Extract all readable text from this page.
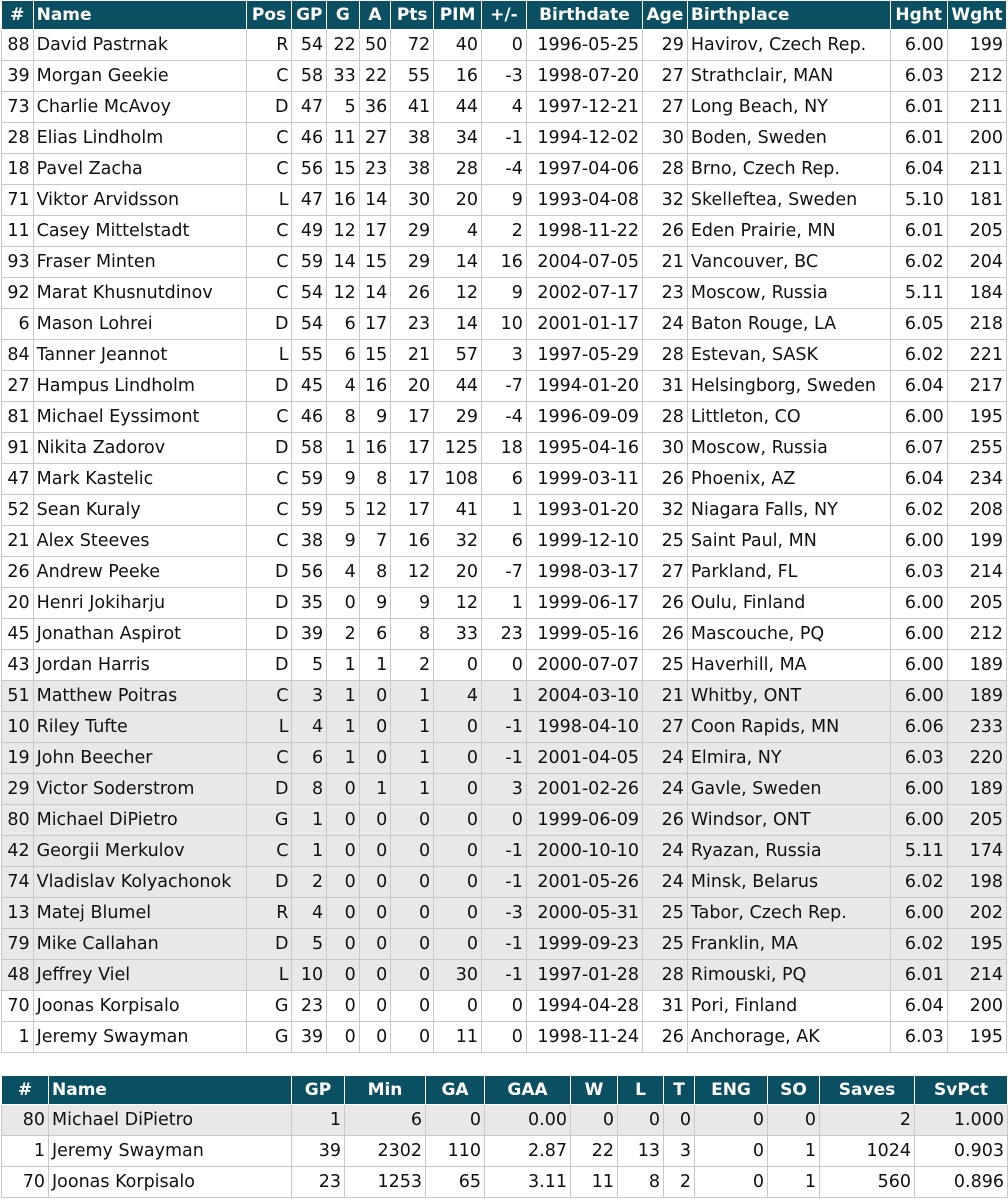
#	Name	Pos	GP	G	A	Pts	PIM	+/-	Birthdate	Age	Birthplace	Hght	Wght
88	David Pastrnak	R	54	22	50	72	40	0	1996-05-25	29	Havirov, Czech Rep.	6.00	199
39	Morgan Geekie	C	58	33	22	55	16	-3	1998-07-20	27	Strathclair, MAN	6.03	212
73	Charlie McAvoy	D	47	5	36	41	44	4	1997-12-21	27	Long Beach, NY	6.01	211
28	Elias Lindholm	C	46	11	27	38	34	-1	1994-12-02	30	Boden, Sweden	6.01	200
18	Pavel Zacha	C	56	15	23	38	28	-4	1997-04-06	28	Brno, Czech Rep.	6.04	211
71	Viktor Arvidsson	L	47	16	14	30	20	9	1993-04-08	32	Skelleftea, Sweden	5.10	181
11	Casey Mittelstadt	C	49	12	17	29	4	2	1998-11-22	26	Eden Prairie, MN	6.01	205
93	Fraser Minten	C	59	14	15	29	14	16	2004-07-05	21	Vancouver, BC	6.02	204
92	Marat Khusnutdinov	C	54	12	14	26	12	9	2002-07-17	23	Moscow, Russia	5.11	184
6	Mason Lohrei	D	54	6	17	23	14	10	2001-01-17	24	Baton Rouge, LA	6.05	218
84	Tanner Jeannot	L	55	6	15	21	57	3	1997-05-29	28	Estevan, SASK	6.02	221
27	Hampus Lindholm	D	45	4	16	20	44	-7	1994-01-20	31	Helsingborg, Sweden	6.04	217
81	Michael Eyssimont	C	46	8	9	17	29	-4	1996-09-09	28	Littleton, CO	6.00	195
91	Nikita Zadorov	D	58	1	16	17	125	18	1995-04-16	30	Moscow, Russia	6.07	255
47	Mark Kastelic	C	59	9	8	17	108	6	1999-03-11	26	Phoenix, AZ	6.04	234
52	Sean Kuraly	C	59	5	12	17	41	1	1993-01-20	32	Niagara Falls, NY	6.02	208
21	Alex Steeves	C	38	9	7	16	32	6	1999-12-10	25	Saint Paul, MN	6.00	199
26	Andrew Peeke	D	56	4	8	12	20	-7	1998-03-17	27	Parkland, FL	6.03	214
20	Henri Jokiharju	D	35	0	9	9	12	1	1999-06-17	26	Oulu, Finland	6.00	205
45	Jonathan Aspirot	D	39	2	6	8	33	23	1999-05-16	26	Mascouche, PQ	6.00	212
43	Jordan Harris	D	5	1	1	2	0	0	2000-07-07	25	Haverhill, MA	6.00	189
51	Matthew Poitras	C	3	1	0	1	4	1	2004-03-10	21	Whitby, ONT	6.00	189
10	Riley Tufte	L	4	1	0	1	0	-1	1998-04-10	27	Coon Rapids, MN	6.06	233
19	John Beecher	C	6	1	0	1	0	-1	2001-04-05	24	Elmira, NY	6.03	220
29	Victor Soderstrom	D	8	0	1	1	0	3	2001-02-26	24	Gavle, Sweden	6.00	189
80	Michael DiPietro	G	1	0	0	0	0	0	1999-06-09	26	Windsor, ONT	6.00	205
42	Georgii Merkulov	C	1	0	0	0	0	-1	2000-10-10	24	Ryazan, Russia	5.11	174
74	Vladislav Kolyachonok	D	2	0	0	0	0	-1	2001-05-26	24	Minsk, Belarus	6.02	198
13	Matej Blumel	R	4	0	0	0	0	-3	2000-05-31	25	Tabor, Czech Rep.	6.00	202
79	Mike Callahan	D	5	0	0	0	0	-1	1999-09-23	25	Franklin, MA	6.02	195
48	Jeffrey Viel	L	10	0	0	0	30	-1	1997-01-28	28	Rimouski, PQ	6.01	214
70	Joonas Korpisalo	G	23	0	0	0	0	0	1994-04-28	31	Pori, Finland	6.04	200
1	Jeremy Swayman	G	39	0	0	0	11	0	1998-11-24	26	Anchorage, AK	6.03	195
#	Name	GP	Min	GA	GAA	W	L	T	ENG	SO	Saves	SvPct
80	Michael DiPietro	1	6	0	0.00	0	0	0	0	0	2	1.000
1	Jeremy Swayman	39	2302	110	2.87	22	13	3	0	1	1024	0.903
70	Joonas Korpisalo	23	1253	65	3.11	11	8	2	0	1	560	0.896
